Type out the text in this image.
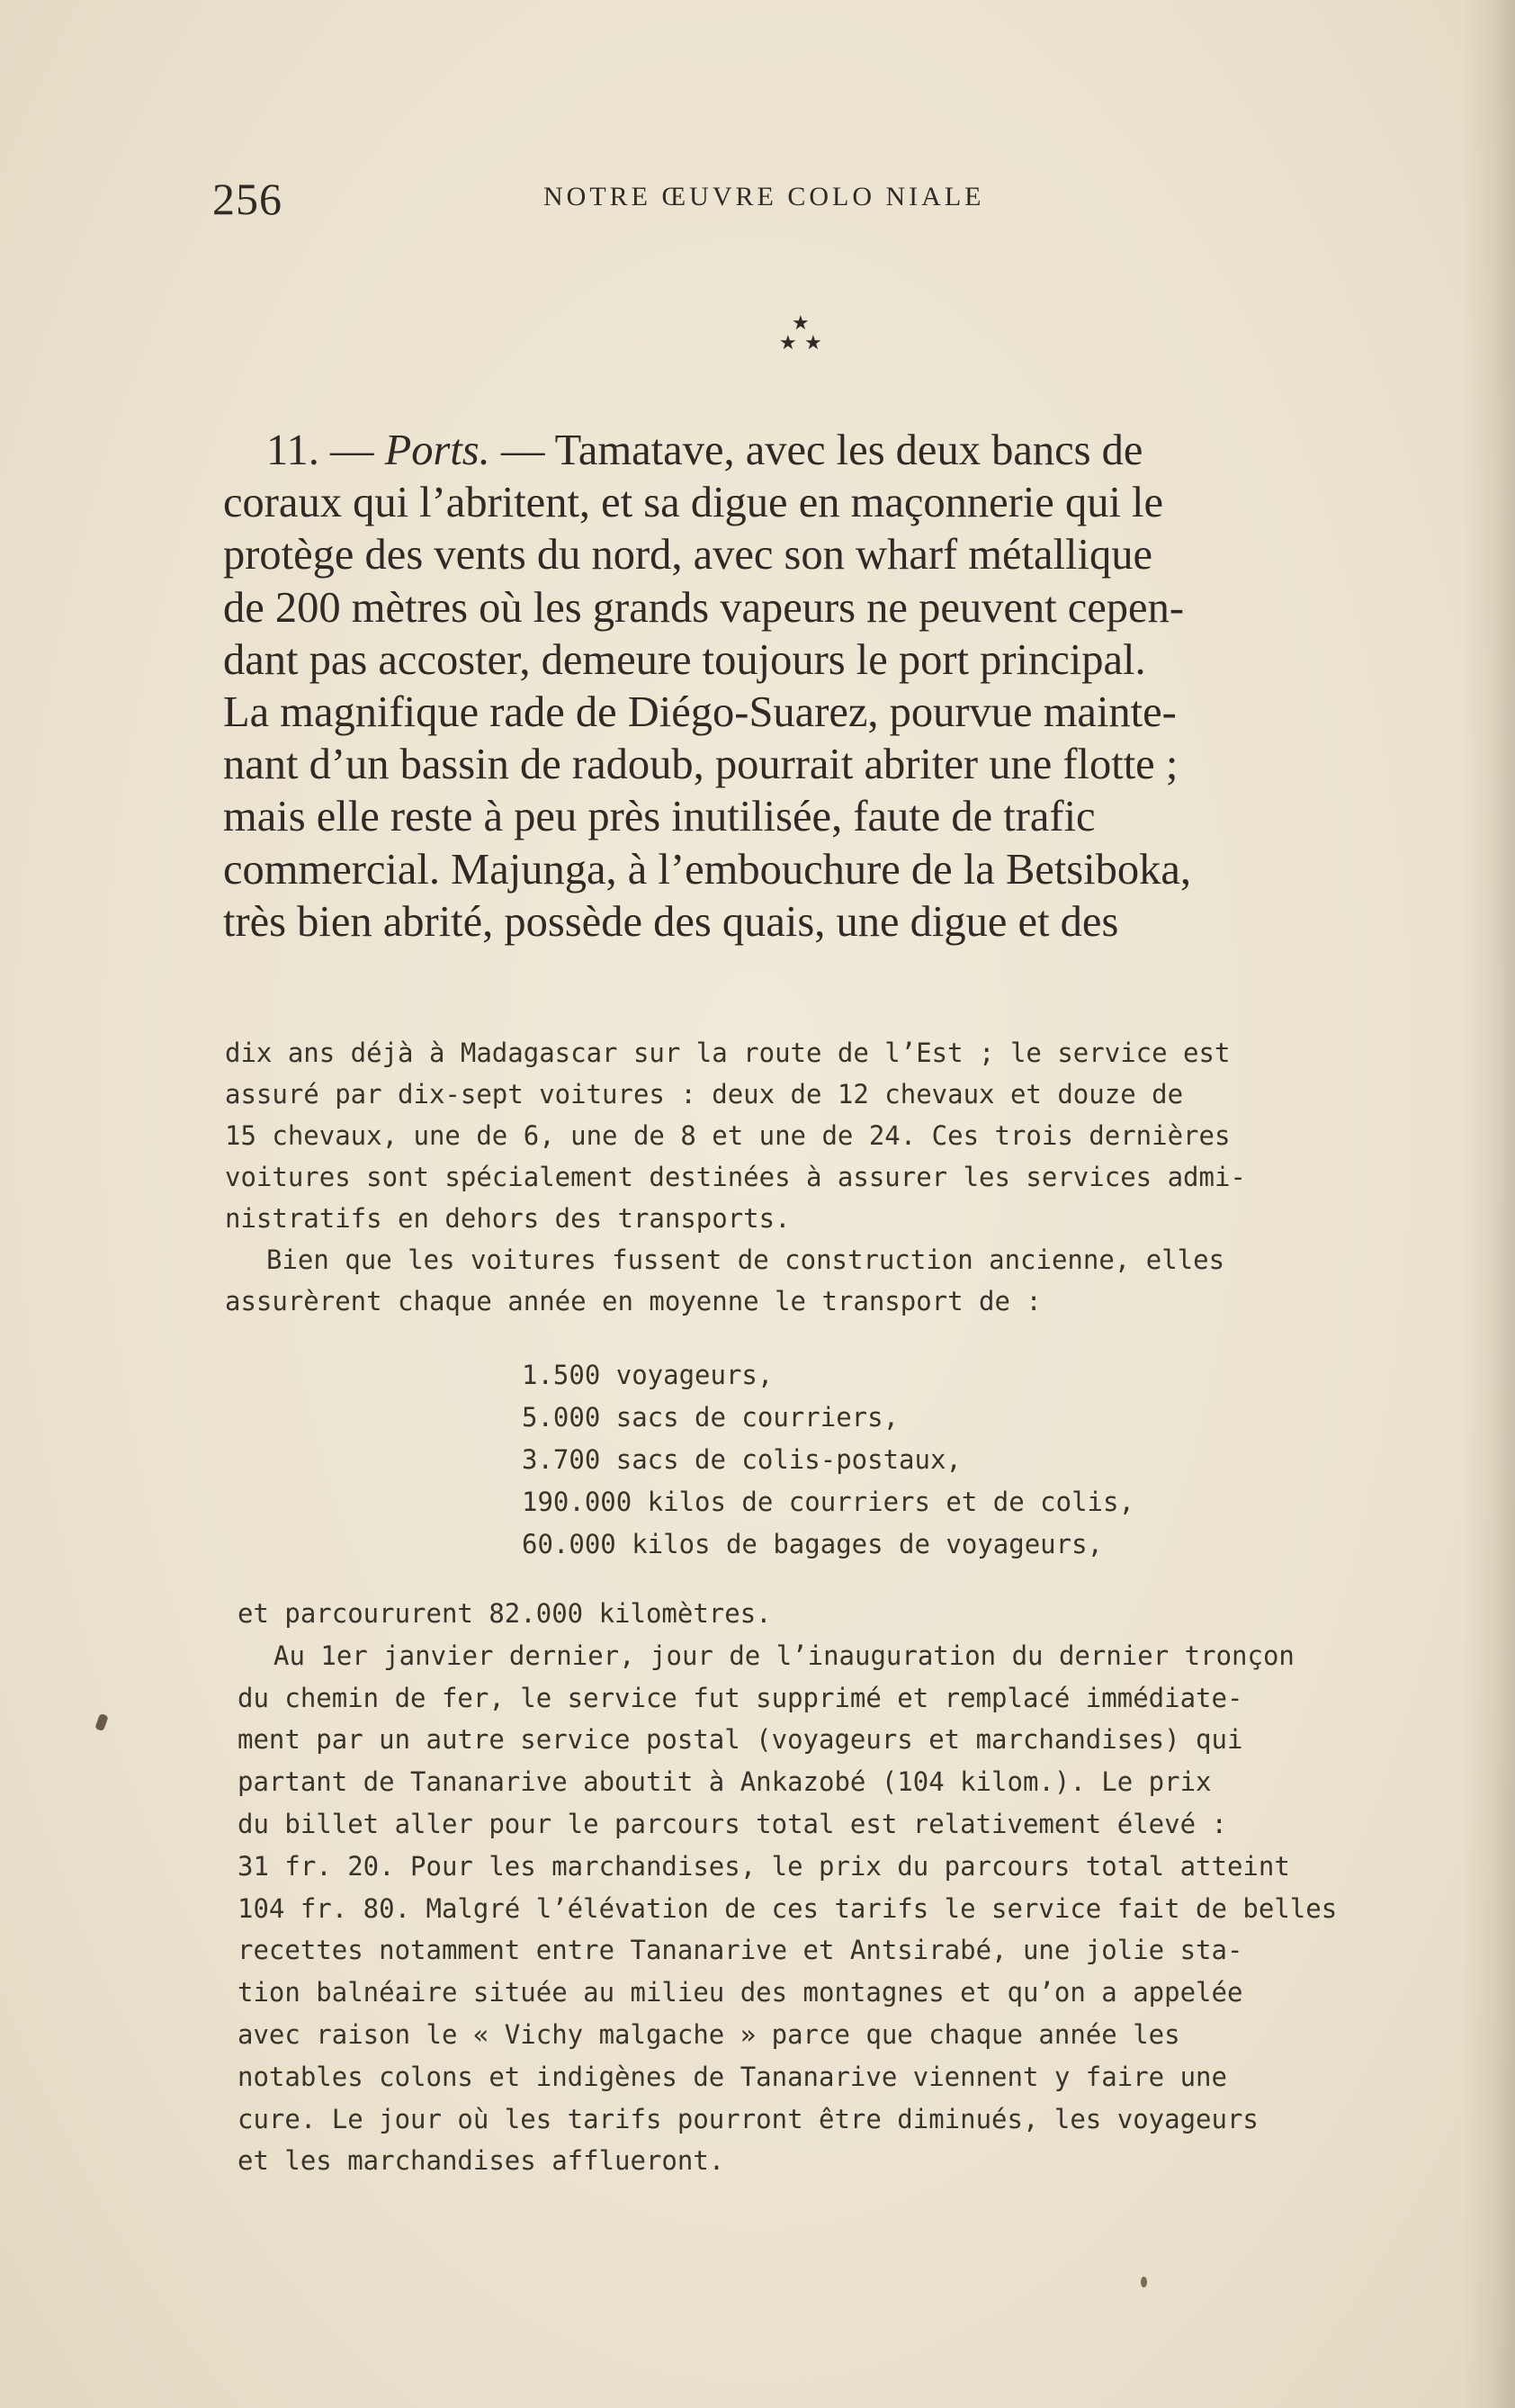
256	NOTRE ŒUVRE COLO NIALE
★
★ ★
11. — Ports. — Tamatave, avec les deux bancs de
coraux qui l’abritent, et sa digue en maçonnerie qui le
protège des vents du nord, avec son wharf métallique
de 200 mètres où les grands vapeurs ne peuvent cepen-
dant pas accoster, demeure toujours le port principal.
La magnifique rade de Diégo-Suarez, pourvue mainte-
nant d’un bassin de radoub, pourrait abriter une flotte ;
mais elle reste à peu près inutilisée, faute de trafic
commercial. Majunga, à l’embouchure de la Betsiboka,
très bien abrité, possède des quais, une digue et des
dix ans déjà à Madagascar sur la route de l’Est ; le service est
assuré par dix-sept voitures : deux de 12 chevaux et douze de
15 chevaux, une de 6, une de 8 et une de 24. Ces trois dernières
voitures sont spécialement destinées à assurer les services admi-
nistratifs en dehors des transports.
Bien que les voitures fussent de construction ancienne, elles
assurèrent chaque année en moyenne le transport de :
1.500 voyageurs,
5.000 sacs de courriers,
3.700 sacs de colis-postaux,
190.000 kilos de courriers et de colis,
60.000 kilos de bagages de voyageurs,
et parcoururent 82.000 kilomètres.
Au 1er janvier dernier, jour de l’inauguration du dernier tronçon
du chemin de fer, le service fut supprimé et remplacé immédiate-
ment par un autre service postal (voyageurs et marchandises) qui
partant de Tananarive aboutit à Ankazobé (104 kilom.). Le prix
du billet aller pour le parcours total est relativement élevé :
31 fr. 20. Pour les marchandises, le prix du parcours total atteint
104 fr. 80. Malgré l’élévation de ces tarifs le service fait de belles
recettes notamment entre Tananarive et Antsirabé, une jolie sta-
tion balnéaire située au milieu des montagnes et qu’on a appelée
avec raison le « Vichy malgache » parce que chaque année les
notables colons et indigènes de Tananarive viennent y faire une
cure. Le jour où les tarifs pourront être diminués, les voyageurs
et les marchandises afflueront.
